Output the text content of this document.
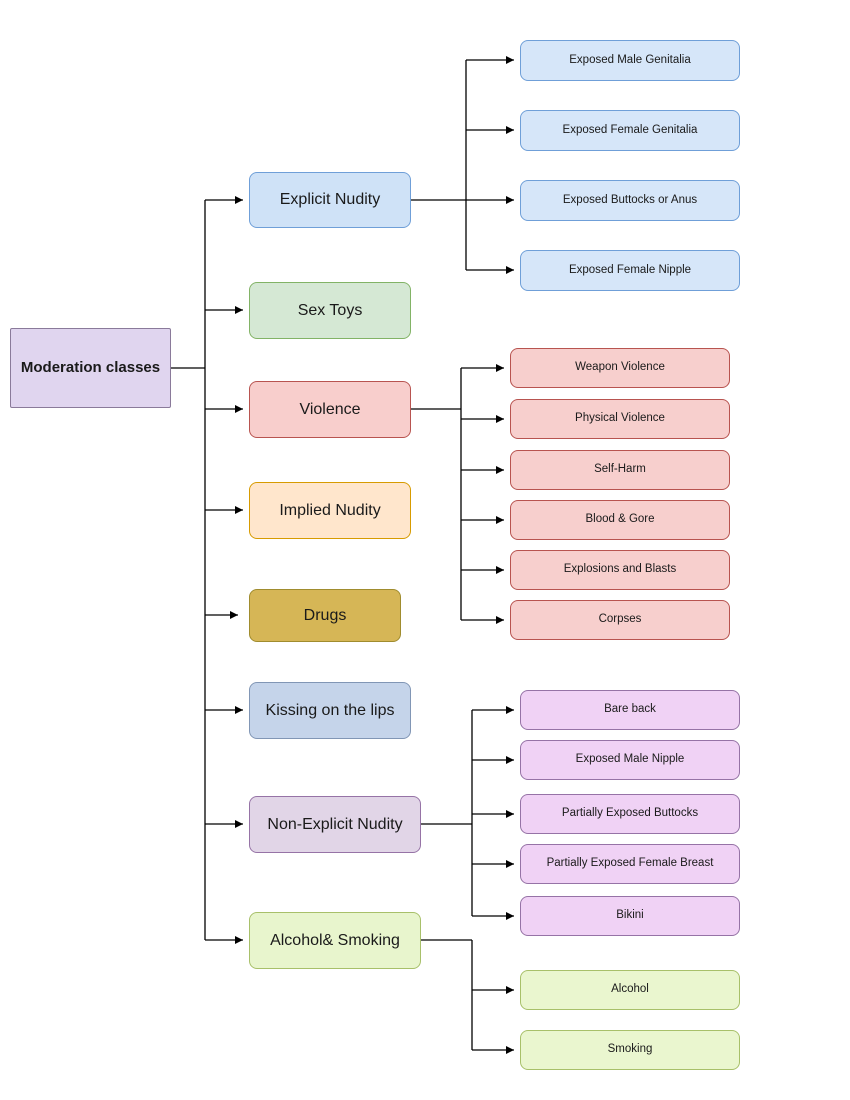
Moderation classes
Explicit Nudity
Sex Toys
Violence
Implied Nudity
Drugs
Kissing on the lips
Non-Explicit Nudity
Alcohol& Smoking
Exposed Male Genitalia
Exposed Female Genitalia
Exposed Buttocks or Anus
Exposed Female Nipple
Weapon Violence
Physical Violence
Self-Harm
Blood & Gore
Explosions and Blasts
Corpses
Bare back
Exposed Male Nipple
Partially Exposed Buttocks
Partially Exposed Female Breast
Bikini
Alcohol
Smoking
